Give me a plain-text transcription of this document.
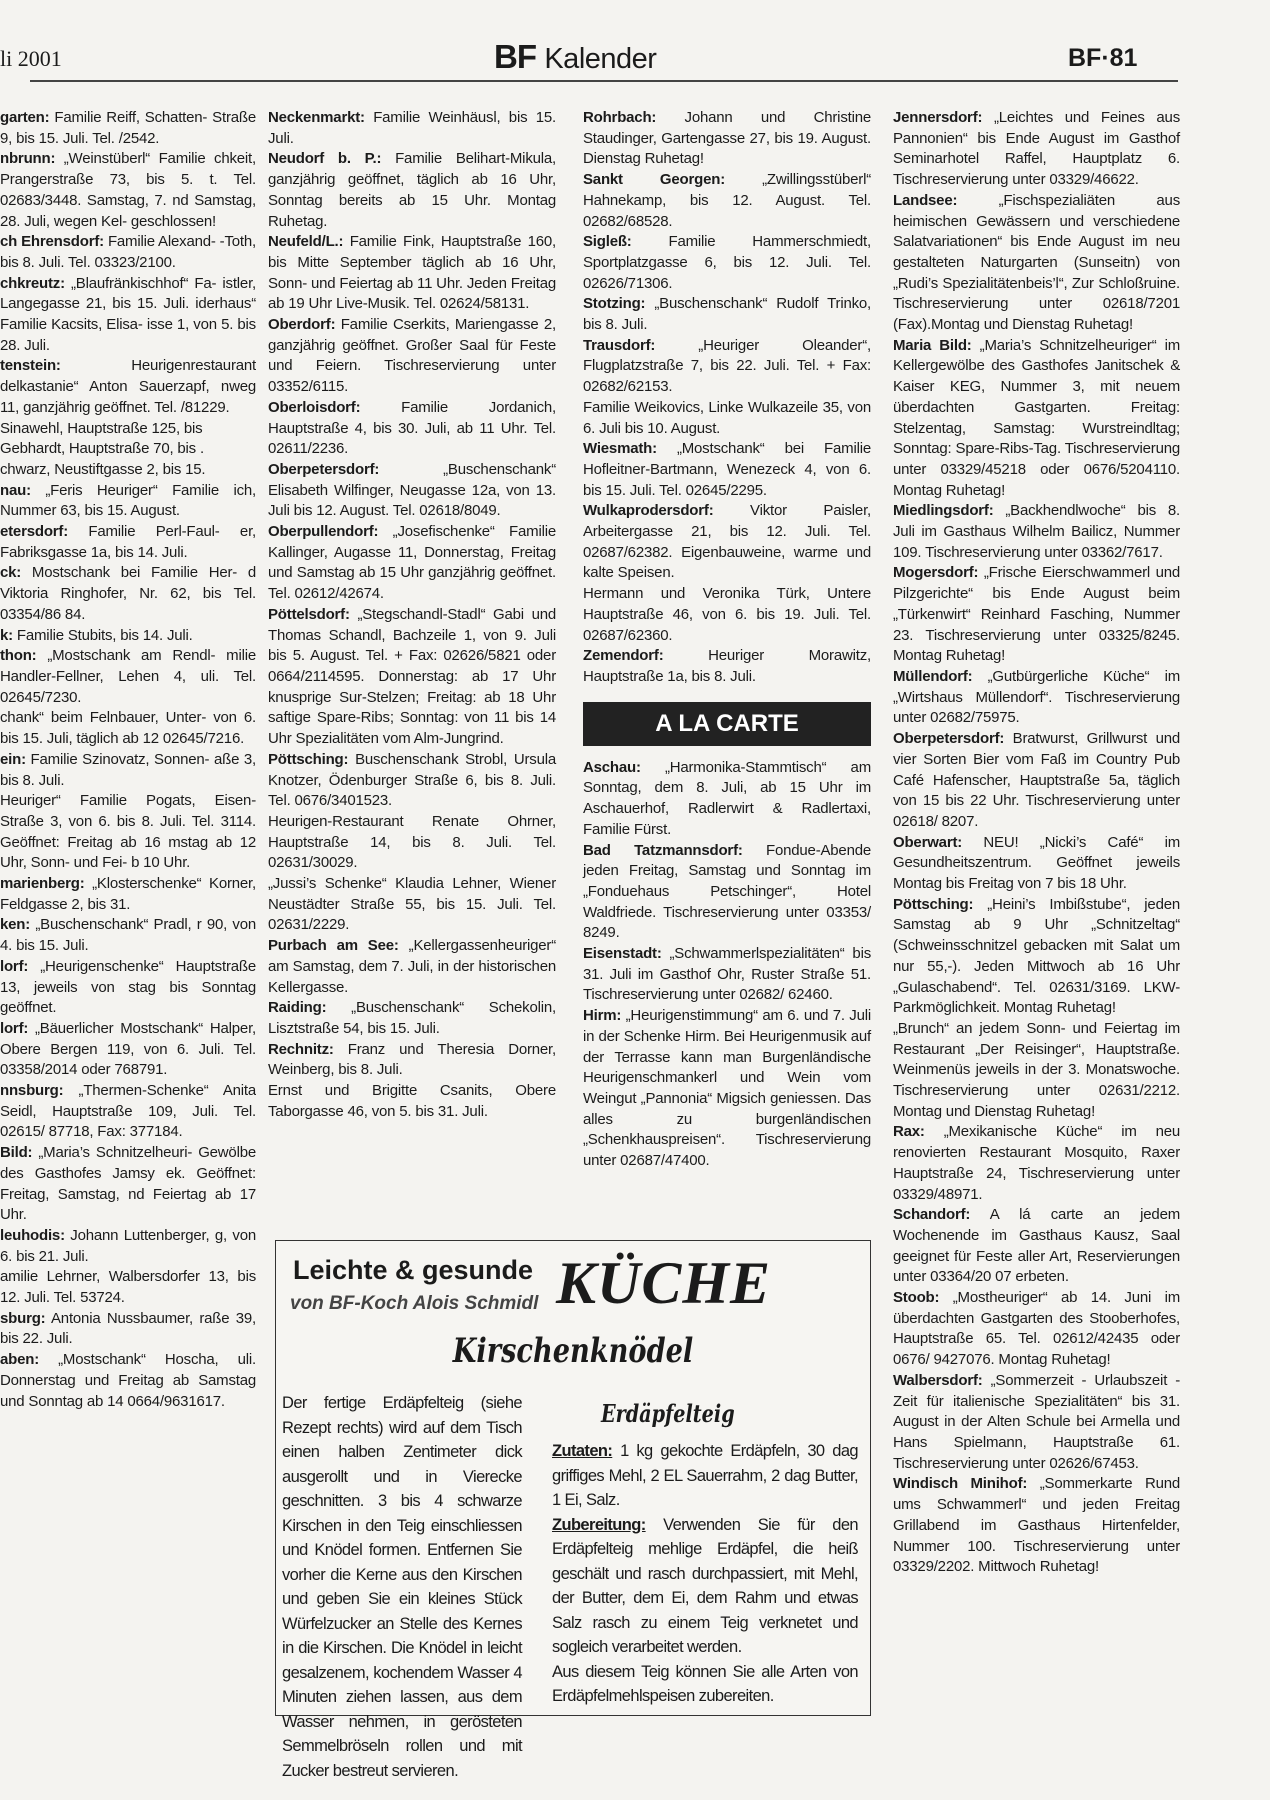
li 2001	BF Kalender	BF·81

garten: Familie Reiff, Schatten- Straße 9, bis 15. Juli. Tel. /2542.

nbrunn: „Weinstüberl“ Familie chkeit, Prangerstraße 73, bis 5. t. Tel. 02683/3448. Samstag, 7. nd Samstag, 28. Juli, wegen Kel- geschlossen!

ch Ehrensdorf: Familie Alexand- -Toth, bis 8. Juli. Tel. 03323/2100.

chkreutz: „Blaufränkischhof“ Fa- istler, Langegasse 21, bis 15. Juli. iderhaus“ Familie Kacsits, Elisa- isse 1, von 5. bis 28. Juli.

tenstein:	Heurigenrestaurant delkastanie“ Anton Sauerzapf, nweg 11, ganzjährig geöffnet. Tel. /81229.

Sinawehl, Hauptstraße 125, bis

Gebhardt, Hauptstraße 70, bis .

chwarz, Neustiftgasse 2, bis 15.

nau: „Feris Heuriger“ Familie ich, Nummer 63, bis 15. August.

etersdorf: Familie Perl-Faul- er, Fabriksgasse 1a, bis 14. Juli.

ck: Mostschank bei Familie Her- d Viktoria Ringhofer, Nr. 62, bis Tel. 03354/86 84.

k: Familie Stubits, bis 14. Juli.

thon: „Mostschank am Rendl- milie Handler-Fellner, Lehen 4, uli. Tel. 02645/7230.

chank“ beim Felnbauer, Unter- von 6. bis 15. Juli, täglich ab 12 02645/7216.

ein: Familie Szinovatz, Sonnen- aße 3, bis 8. Juli.

Heuriger“ Familie Pogats, Eisen- Straße 3, von 6. bis 8. Juli. Tel. 3114. Geöffnet: Freitag ab 16 mstag ab 12 Uhr, Sonn- und Fei- b 10 Uhr.

marienberg: „Klosterschenke“ Korner, Feldgasse 2, bis 31.

ken: „Buschenschank“ Pradl, r 90, von 4. bis 15. Juli.

lorf: „Heurigenschenke“ Hauptstraße 13, jeweils von stag bis Sonntag geöffnet.

lorf: „Bäuerlicher Mostschank“ Halper, Obere Bergen 119, von 6. Juli. Tel. 03358/2014 oder 768791.

nnsburg: „Thermen-Schenke“ Anita Seidl, Hauptstraße 109, Juli. Tel. 02615/ 87718, Fax: 377184.

Bild: „Maria’s Schnitzelheuri- Gewölbe des Gasthofes Jamsy ek. Geöffnet: Freitag, Samstag, nd Feiertag ab 17 Uhr.

leuhodis: Johann Luttenberger, g, von 6. bis 21. Juli.

amilie Lehrner, Walbersdorfer 13, bis 12. Juli. Tel. 53724.

sburg: Antonia Nussbaumer, raße 39, bis 22. Juli.

aben: „Mostschank“ Hoscha, uli. Donnerstag und Freitag ab Samstag und Sonntag ab 14 0664/9631617.

Neckenmarkt: Familie Weinhäusl, bis 15. Juli.

Neudorf b. P.: Familie Belihart-Mikula, ganzjährig geöffnet, täglich ab 16 Uhr, Sonntag bereits ab 15 Uhr. Montag Ruhetag.

Neufeld/L.: Familie Fink, Hauptstraße 160, bis Mitte September täglich ab 16 Uhr, Sonn- und Feiertag ab 11 Uhr. Jeden Freitag ab 19 Uhr Live-Musik. Tel. 02624/58131.

Oberdorf: Familie Cserkits, Mariengasse 2, ganzjährig geöffnet. Großer Saal für Feste und Feiern. Tischreservierung unter 03352/6115.

Oberloisdorf:	Familie Jordanich, Hauptstraße 4, bis 30. Juli, ab 11 Uhr. Tel. 02611/2236.

Oberpetersdorf:	„Buschenschank“ Elisabeth Wilfinger, Neugasse 12a, von 13. Juli bis 12. August. Tel. 02618/8049.

Oberpullendorf: „Josefischenke“ Familie Kallinger, Augasse 11, Donnerstag, Freitag und Samstag ab 15 Uhr ganzjährig geöffnet. Tel. 02612/42674.

Pöttelsdorf: „Stegschandl-Stadl“ Gabi und Thomas Schandl, Bachzeile 1, von 9. Juli bis 5. August. Tel. + Fax: 02626/5821 oder 0664/2114595. Donnerstag: ab 17 Uhr knusprige Sur-Stelzen; Freitag: ab 18 Uhr saftige Spare-Ribs; Sonntag: von 11 bis 14 Uhr Spezialitäten vom Alm-Jungrind.

Pöttsching: Buschenschank Strobl, Ursula Knotzer, Ödenburger Straße 6, bis 8. Juli. Tel. 0676/3401523.

Heurigen-Restaurant Renate Ohrner, Hauptstraße 14, bis 8. Juli. Tel. 02631/30029.

„Jussi’s Schenke“ Klaudia Lehner, Wiener Neustädter Straße 55, bis 15. Juli. Tel. 02631/2229.

Purbach am See: „Kellergassenheuriger“ am Samstag, dem 7. Juli, in der historischen Kellergasse.

Raiding: „Buschenschank“ Schekolin, Lisztstraße 54, bis 15. Juli.

Rechnitz: Franz und Theresia Dorner, Weinberg, bis 8. Juli.

Ernst und Brigitte Csanits, Obere Taborgasse 46, von 5. bis 31. Juli.

Rohrbach: Johann und Christine Staudinger, Gartengasse 27, bis 19. August. Dienstag Ruhetag!

Sankt Georgen: „Zwillingsstüberl“ Hahnekamp, bis 12. August. Tel. 02682/68528.

Sigleß: Familie Hammerschmiedt, Sportplatzgasse 6, bis 12. Juli. Tel. 02626/71306.

Stotzing: „Buschenschank“ Rudolf Trinko, bis 8. Juli.

Trausdorf:	„Heuriger Oleander“, Flugplatzstraße 7, bis 22. Juli. Tel. + Fax: 02682/62153.

Familie Weikovics, Linke Wulkazeile 35, von 6. Juli bis 10. August.

Wiesmath: „Mostschank“ bei Familie Hofleitner-Bartmann, Wenezeck 4, von 6. bis 15. Juli. Tel. 02645/2295.

Wulkaprodersdorf: Viktor Paisler, Arbeitergasse 21, bis 12. Juli. Tel. 02687/62382. Eigenbauweine, warme und kalte Speisen.

Hermann und Veronika Türk, Untere Hauptstraße 46, von 6. bis 19. Juli. Tel. 02687/62360.

Zemendorf:	Heuriger Morawitz, Hauptstraße 1a, bis 8. Juli.

A LA CARTE

Aschau: „Harmonika-Stammtisch“ am Sonntag, dem 8. Juli, ab 15 Uhr im Aschauerhof, Radlerwirt & Radlertaxi, Familie Fürst.

Bad Tatzmannsdorf: Fondue-Abende jeden Freitag, Samstag und Sonntag im „Fonduehaus Petschinger“, Hotel Waldfriede. Tischreservierung unter 03353/ 8249.

Eisenstadt: „Schwammerlspezialitäten“ bis 31. Juli im Gasthof Ohr, Ruster Straße 51. Tischreservierung unter 02682/ 62460.

Hirm: „Heurigenstimmung“ am 6. und 7. Juli in der Schenke Hirm. Bei Heurigenmusik auf der Terrasse kann man Burgenländische Heurigenschmankerl und Wein vom Weingut „Pannonia“ Migsich geniessen. Das alles zu burgenländischen „Schenkhauspreisen“. Tischreservierung unter 02687/47400.

Jennersdorf: „Leichtes und Feines aus Pannonien“ bis Ende August im Gasthof Seminarhotel Raffel, Hauptplatz 6. Tischreservierung unter 03329/46622.

Landsee:	„Fischspezialiäten aus heimischen Gewässern und verschiedene Salatvariationen“ bis Ende August im neu gestalteten Naturgarten (Sunseitn) von „Rudi’s Spezialitätenbeis’l“, Zur Schloßruine. Tischreservierung unter 02618/7201 (Fax).Montag und Dienstag Ruhetag!

Maria Bild: „Maria’s Schnitzelheuriger“ im Kellergewölbe des Gasthofes Janitschek & Kaiser KEG, Nummer 3, mit neuem überdachten Gastgarten. Freitag: Stelzentag, Samstag: Wurstreindltag; Sonntag: Spare-Ribs-Tag. Tischreservierung unter 03329/45218 oder 0676/5204110. Montag Ruhetag!

Miedlingsdorf: „Backhendlwoche“ bis 8. Juli im Gasthaus Wilhelm Bailicz, Nummer 109. Tischreservierung unter 03362/7617.

Mogersdorf: „Frische Eierschwammerl und Pilzgerichte“ bis Ende August beim „Türkenwirt“ Reinhard Fasching, Nummer 23. Tischreservierung unter 03325/8245. Montag Ruhetag!

Müllendorf: „Gutbürgerliche Küche“ im „Wirtshaus Müllendorf“. Tischreservierung unter 02682/75975.

Oberpetersdorf: Bratwurst, Grillwurst und vier Sorten Bier vom Faß im Country Pub Café Hafenscher, Hauptstraße 5a, täglich von 15 bis 22 Uhr. Tischreservierung unter 02618/ 8207.

Oberwart: NEU! „Nicki’s Café“ im Gesundheitszentrum. Geöffnet jeweils Montag bis Freitag von 7 bis 18 Uhr.

Pöttsching: „Heini’s Imbißstube“, jeden Samstag ab 9 Uhr „Schnitzeltag“ (Schweinsschnitzel gebacken mit Salat um nur 55,-). Jeden Mittwoch ab 16 Uhr „Gulaschabend“. Tel. 02631/3169. LKW-Parkmöglichkeit. Montag Ruhetag!

„Brunch“ an jedem Sonn- und Feiertag im Restaurant „Der Reisinger“, Hauptstraße. Weinmenüs jeweils in der 3. Monatswoche. Tischreservierung unter 02631/2212. Montag und Dienstag Ruhetag!

Rax: „Mexikanische Küche“ im neu renovierten Restaurant Mosquito, Raxer Hauptstraße 24, Tischreservierung unter 03329/48971.

Schandorf: A lá carte an jedem Wochenende im Gasthaus Kausz, Saal geeignet für Feste aller Art, Reservierungen unter 03364/20 07 erbeten.

Stoob: „Mostheuriger“ ab 14. Juni im überdachten Gastgarten des Stooberhofes, Hauptstraße 65. Tel. 02612/42435 oder 0676/ 9427076. Montag Ruhetag!

Walbersdorf: „Sommerzeit - Urlaubszeit - Zeit für italienische Spezialitäten“ bis 31. August in der Alten Schule bei Armella und Hans Spielmann, Hauptstraße 61. Tischreservierung unter 02626/67453.

Windisch Minihof: „Sommerkarte Rund ums Schwammerl“ und jeden Freitag Grillabend im Gasthaus Hirtenfelder, Nummer 100. Tischreservierung unter 03329/2202. Mittwoch Ruhetag!

Leichte & gesunde
von BF-Koch Alois Schmidl KÜCHE
Kirschenknödel

Der fertige Erdäpfelteig (siehe Rezept rechts) wird auf dem Tisch einen halben Zentimeter dick ausgerollt und in Vierecke geschnitten. 3 bis 4 schwarze Kirschen in den Teig einschliessen und Knödel formen. Entfernen Sie vorher die Kerne aus den Kirschen und geben Sie ein kleines Stück Würfelzucker an Stelle des Kernes in die Kirschen. Die Knödel in leicht gesalzenem, kochendem Wasser 4 Minuten ziehen lassen, aus dem Wasser nehmen, in gerösteten Semmelbröseln rollen und mit Zucker bestreut servieren.

Erdäpfelteig

Zutaten: 1 kg gekochte Erdäpfeln, 30 dag griffiges Mehl, 2 EL Sauerrahm, 2 dag Butter, 1 Ei, Salz.

Zubereitung: Verwenden Sie für den Erdäpfelteig mehlige Erdäpfel, die heiß geschält und rasch durchpassiert, mit Mehl, der Butter, dem Ei, dem Rahm und etwas Salz rasch zu einem Teig verknetet und sogleich verarbeitet werden.

Aus diesem Teig können Sie alle Arten von Erdäpfelmehlspeisen zubereiten.
